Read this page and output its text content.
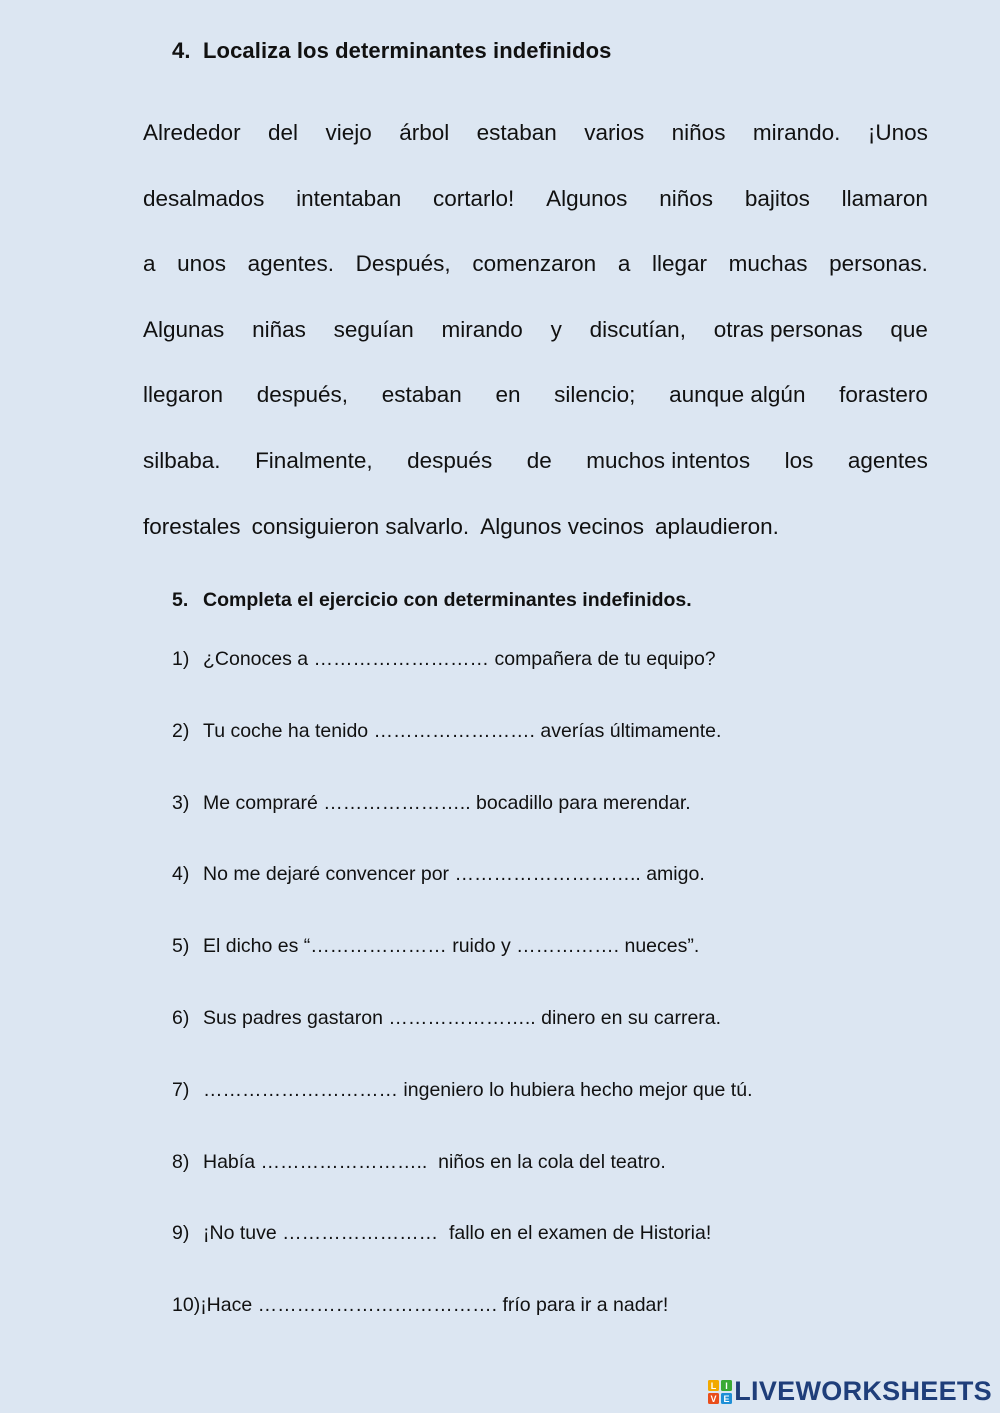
4. Localiza los determinantes indefinidos
Alrededor del viejo árbol estaban varios niños mirando. ¡Unos
desalmados intentaban cortarlo! Algunos niños bajitos llamaron
a unos agentes. Después, comenzaron a llegar muchas personas.
Algunas niñas seguían mirando y discutían, otras personas que
llegaron después, estaban en silencio; aunque algún forastero
silbaba. Finalmente, después de muchos intentos los agentes
forestales consiguieron salvarlo. Algunos vecinos aplaudieron.
5. Completa el ejercicio con determinantes indefinidos.
1) ¿Conoces a ……………………… compañera de tu equipo?
2) Tu coche ha tenido ……………………. averías últimamente.
3) Me compraré ………………….. bocadillo para merendar.
4) No me dejaré convencer por ……………………….. amigo.
5) El dicho es “………………… ruido y ……………. nueces”.
6) Sus padres gastaron ………………….. dinero en su carrera.
7) ………………………… ingeniero lo hubiera hecho mejor que tú.
8) Había ……………………..  niños en la cola del teatro.
9) ¡No tuve ……………………  fallo en el examen de Historia!
10)¡Hace ………………………………. frío para ir a nadar!
L I
V E LIVEWORKSHEETS
